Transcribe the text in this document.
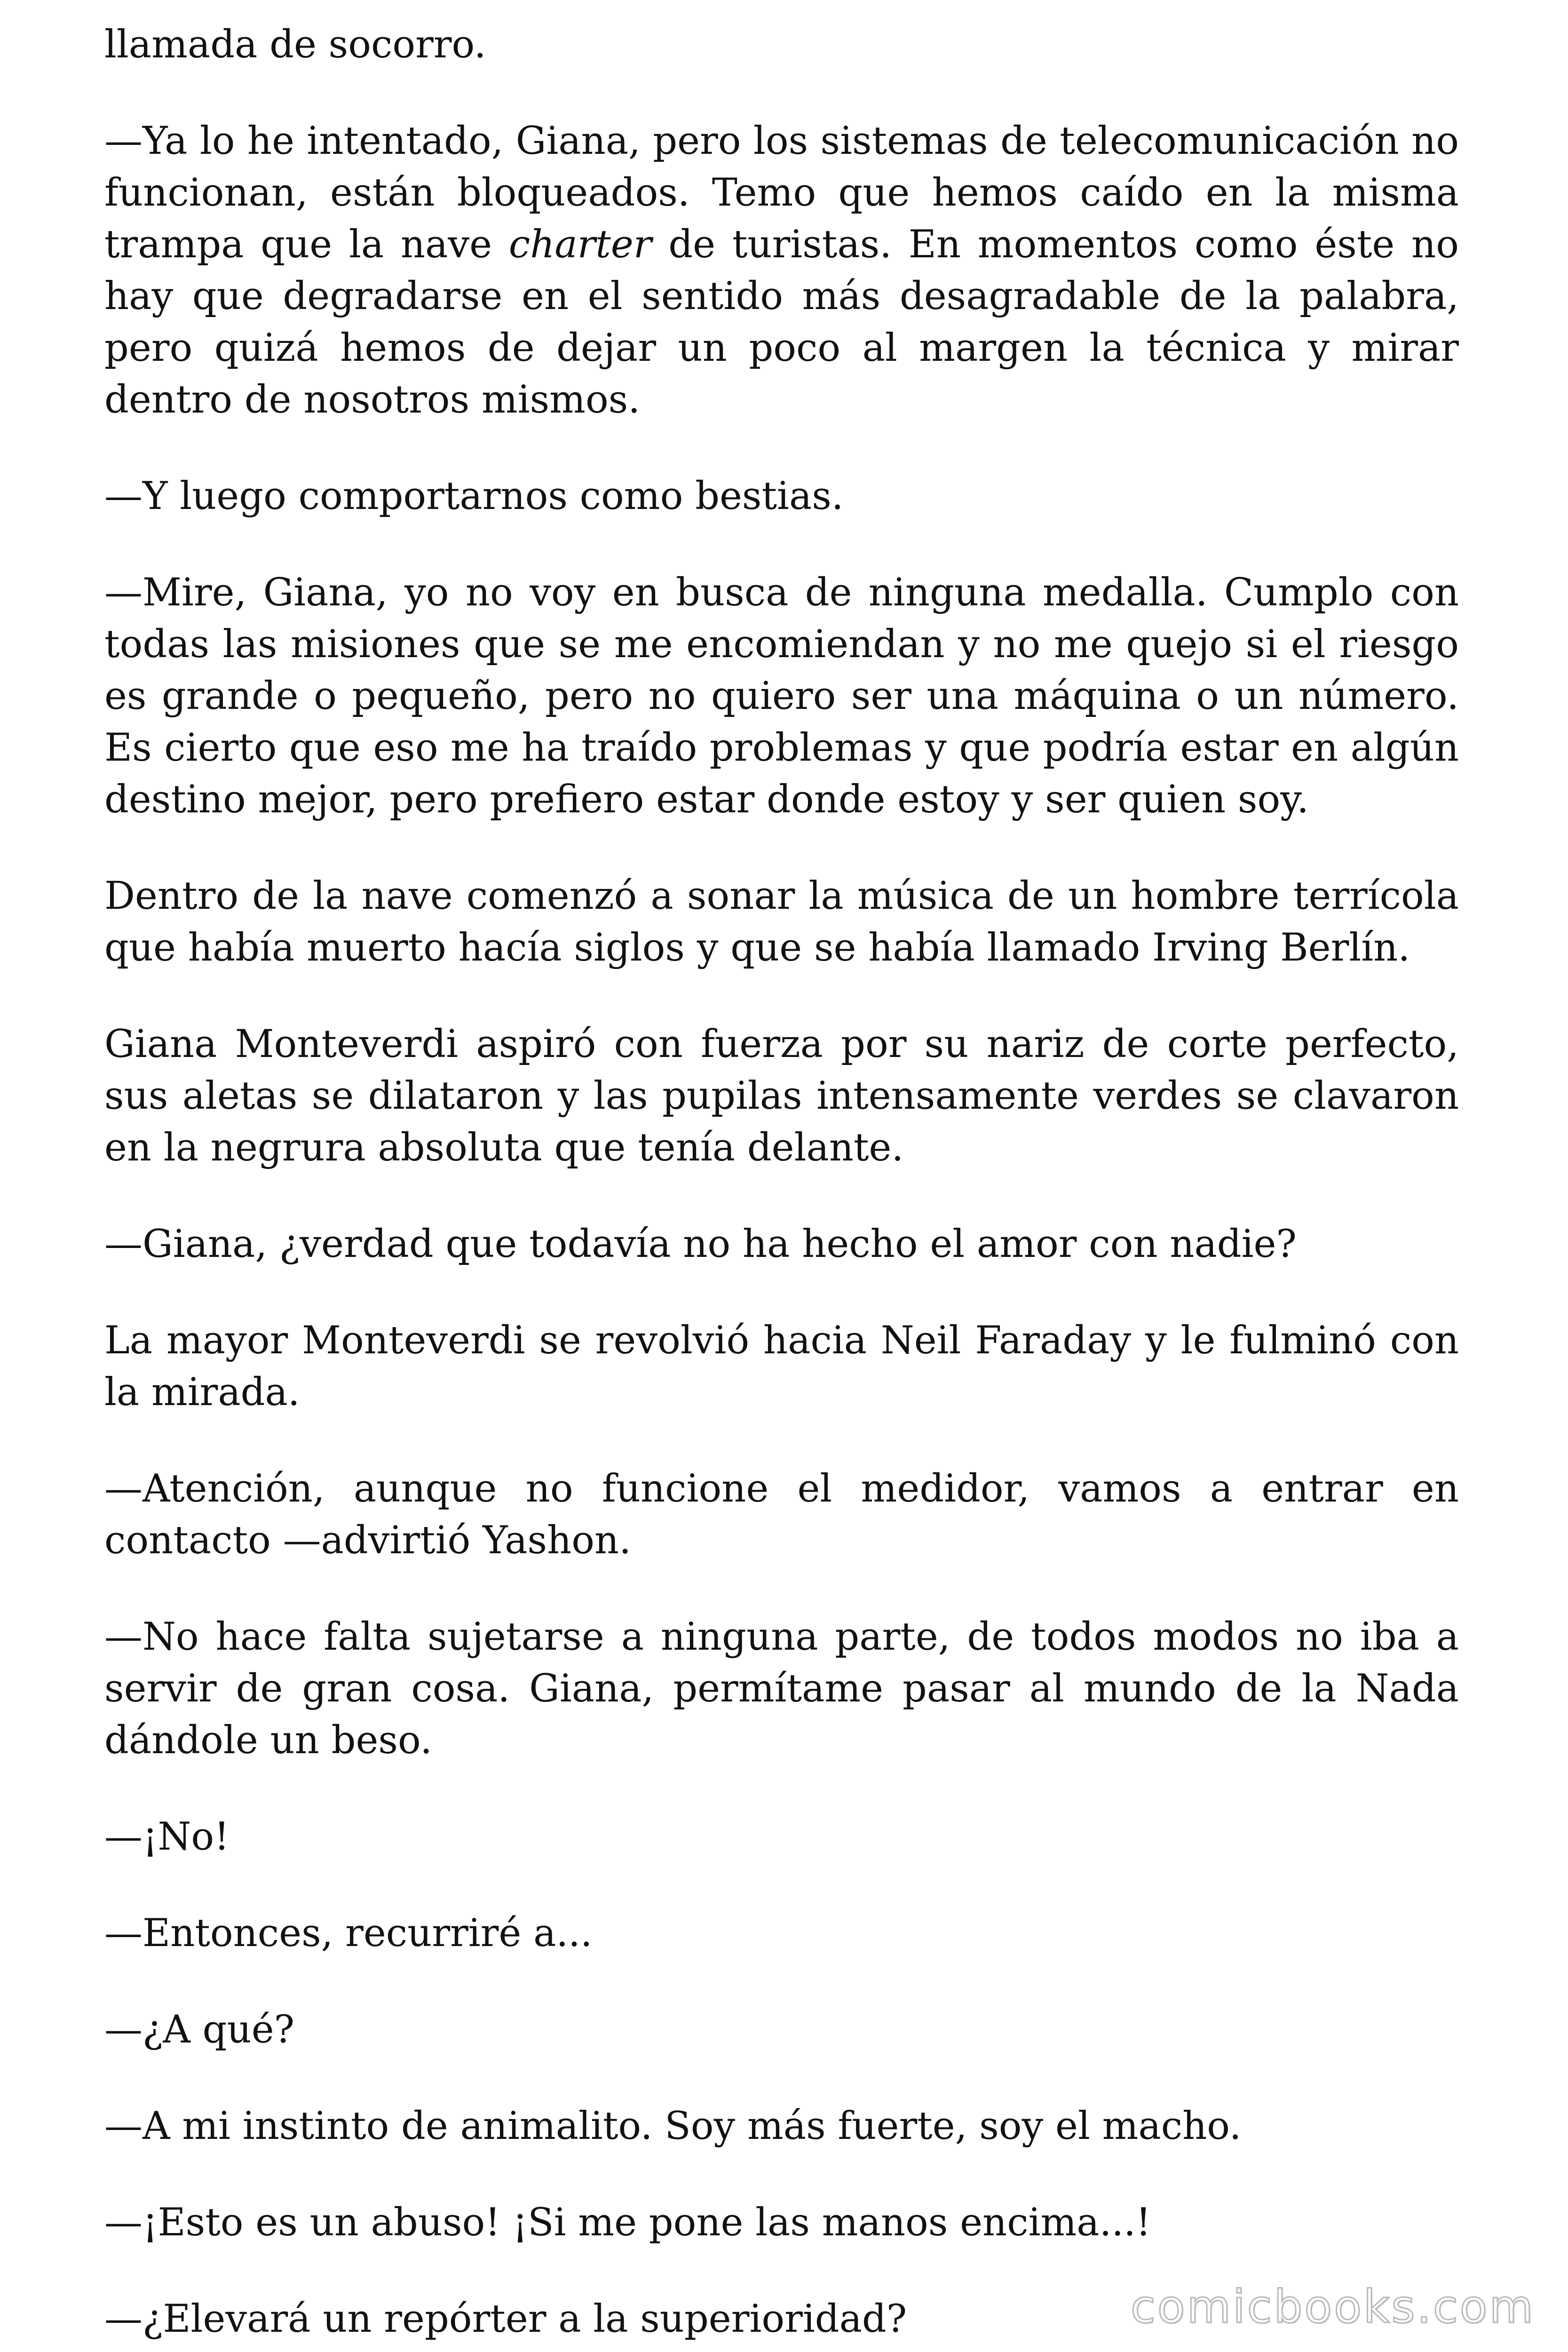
llamada de socorro.

—Ya lo he intentado, Giana, pero los sistemas de telecomunicación no funcionan, están bloqueados. Temo que hemos caído en la misma trampa que la nave charter de turistas. En momentos como éste no hay que degradarse en el sentido más desagradable de la palabra, pero quizá hemos de dejar un poco al margen la técnica y mirar dentro de nosotros mismos.

—Y luego comportarnos como bestias.

—Mire, Giana, yo no voy en busca de ninguna medalla. Cumplo con todas las misiones que se me encomiendan y no me quejo si el riesgo es grande o pequeño, pero no quiero ser una máquina o un número. Es cierto que eso me ha traído problemas y que podría estar en algún destino mejor, pero prefiero estar donde estoy y ser quien soy.

Dentro de la nave comenzó a sonar la música de un hombre terrícola que había muerto hacía siglos y que se había llamado Irving Berlín.

Giana Monteverdi aspiró con fuerza por su nariz de corte perfecto, sus aletas se dilataron y las pupilas intensamente verdes se clavaron en la negrura absoluta que tenía delante.

—Giana, ¿verdad que todavía no ha hecho el amor con nadie?

La mayor Monteverdi se revolvió hacia Neil Faraday y le fulminó con la mirada.

—Atención, aunque no funcione el medidor, vamos a entrar en contacto —advirtió Yashon.

—No hace falta sujetarse a ninguna parte, de todos modos no iba a servir de gran cosa. Giana, permítame pasar al mundo de la Nada dándole un beso.

—¡No!

—Entonces, recurriré a...

—¿A qué?

—A mi instinto de animalito. Soy más fuerte, soy el macho.

—¡Esto es un abuso! ¡Si me pone las manos encima...!

—¿Elevará un repórter a la superioridad?	comicbooks.com
